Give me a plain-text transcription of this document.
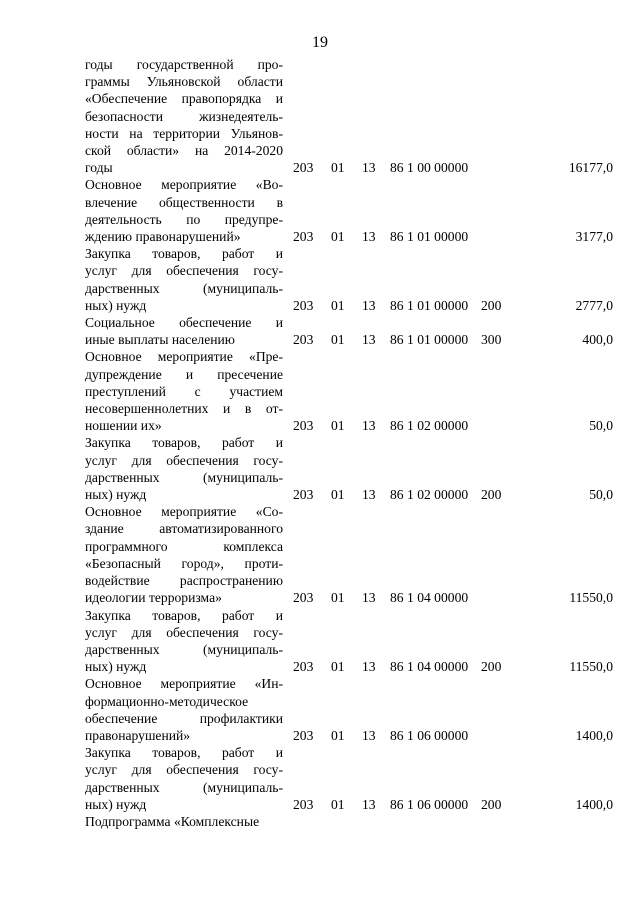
19
годы государственной про-
граммы Ульяновской области
«Обеспечение правопорядка и
безопасности жизнедеятель-
ности на территории Ульянов-
ской области» на 2014-2020
годы	203 01 13 86 1 00 00000	16177,0
Основное мероприятие «Во-
влечение общественности в
деятельность по предупре-
ждению правонарушений»	203 01 13 86 1 01 00000	3177,0
Закупка товаров, работ и
услуг для обеспечения госу-
дарственных (муниципаль-
ных) нужд	203 01 13 86 1 01 00000 200	2777,0
Социальное обеспечение и
иные выплаты населению	203 01 13 86 1 01 00000 300	400,0
Основное мероприятие «Пре-
дупреждение и пресечение
преступлений с участием
несовершеннолетних и в от-
ношении их»	203 01 13 86 1 02 00000	50,0
Закупка товаров, работ и
услуг для обеспечения госу-
дарственных (муниципаль-
ных) нужд	203 01 13 86 1 02 00000 200	50,0
Основное мероприятие «Со-
здание автоматизированного
программного комплекса
«Безопасный город», проти-
водействие распространению
идеологии терроризма»	203 01 13 86 1 04 00000	11550,0
Закупка товаров, работ и
услуг для обеспечения госу-
дарственных (муниципаль-
ных) нужд	203 01 13 86 1 04 00000 200	11550,0
Основное мероприятие «Ин-
формационно-методическое
обеспечение профилактики
правонарушений»	203 01 13 86 1 06 00000	1400,0
Закупка товаров, работ и
услуг для обеспечения госу-
дарственных (муниципаль-
ных) нужд	203 01 13 86 1 06 00000 200	1400,0
Подпрограмма «Комплексные
